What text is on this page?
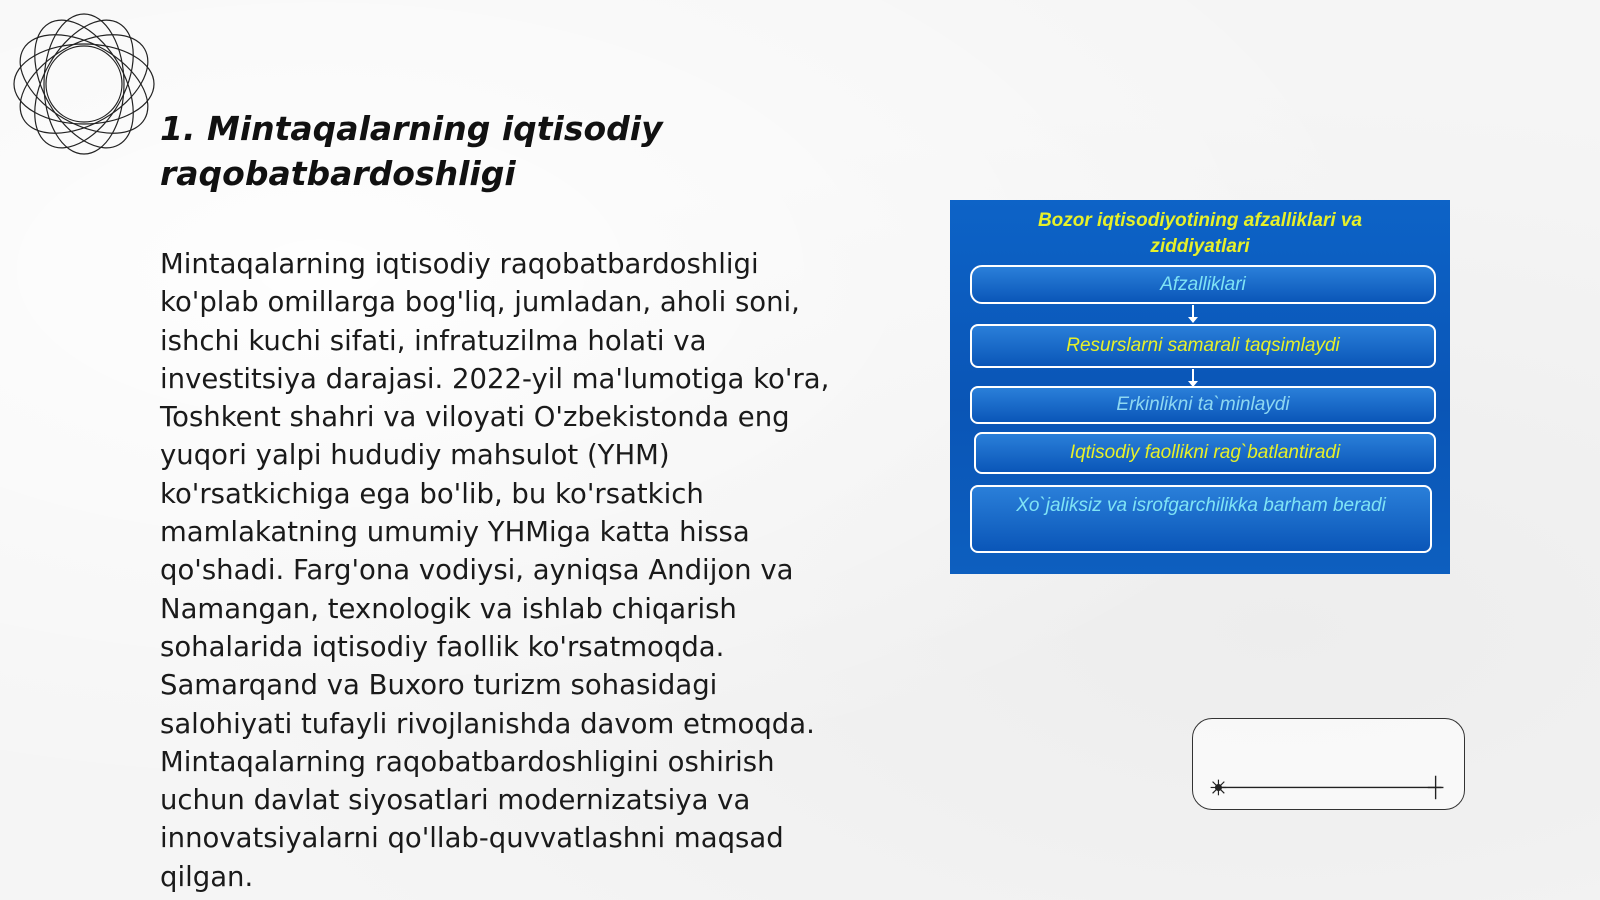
1. Mintaqalarning iqtisodiy
raqobatbardoshligi

Mintaqalarning iqtisodiy raqobatbardoshligi ko'plab omillarga bog'liq, jumladan, aholi soni, ishchi kuchi sifati, infratuzilma holati va investitsiya darajasi. 2022-yil ma'lumotiga ko'ra, Toshkent shahri va viloyati O'zbekistonda eng yuqori yalpi hududiy mahsulot (YHM) ko'rsatkichiga ega bo'lib, bu ko'rsatkich mamlakatning umumiy YHMiga katta hissa qo'shadi. Farg'ona vodiysi, ayniqsa Andijon va Namangan, texnologik va ishlab chiqarish sohalarida iqtisodiy faollik ko'rsatmoqda. Samarqand va Buxoro turizm sohasidagi salohiyati tufayli rivojlanishda davom etmoqda. Mintaqalarning raqobatbardoshligini oshirish uchun davlat siyosatlari modernizatsiya va innovatsiyalarni qo'llab-quvvatlashni maqsad qilgan.

Bozor iqtisodiyotining afzalliklari va ziddiyatlari
Afzalliklari
Resurslarni samarali taqsimlaydi
Erkinlikni ta`minlaydi
Iqtisodiy faollikni rag`batlantiradi
Xo`jaliksiz va isrofgarchilikka barham beradi
